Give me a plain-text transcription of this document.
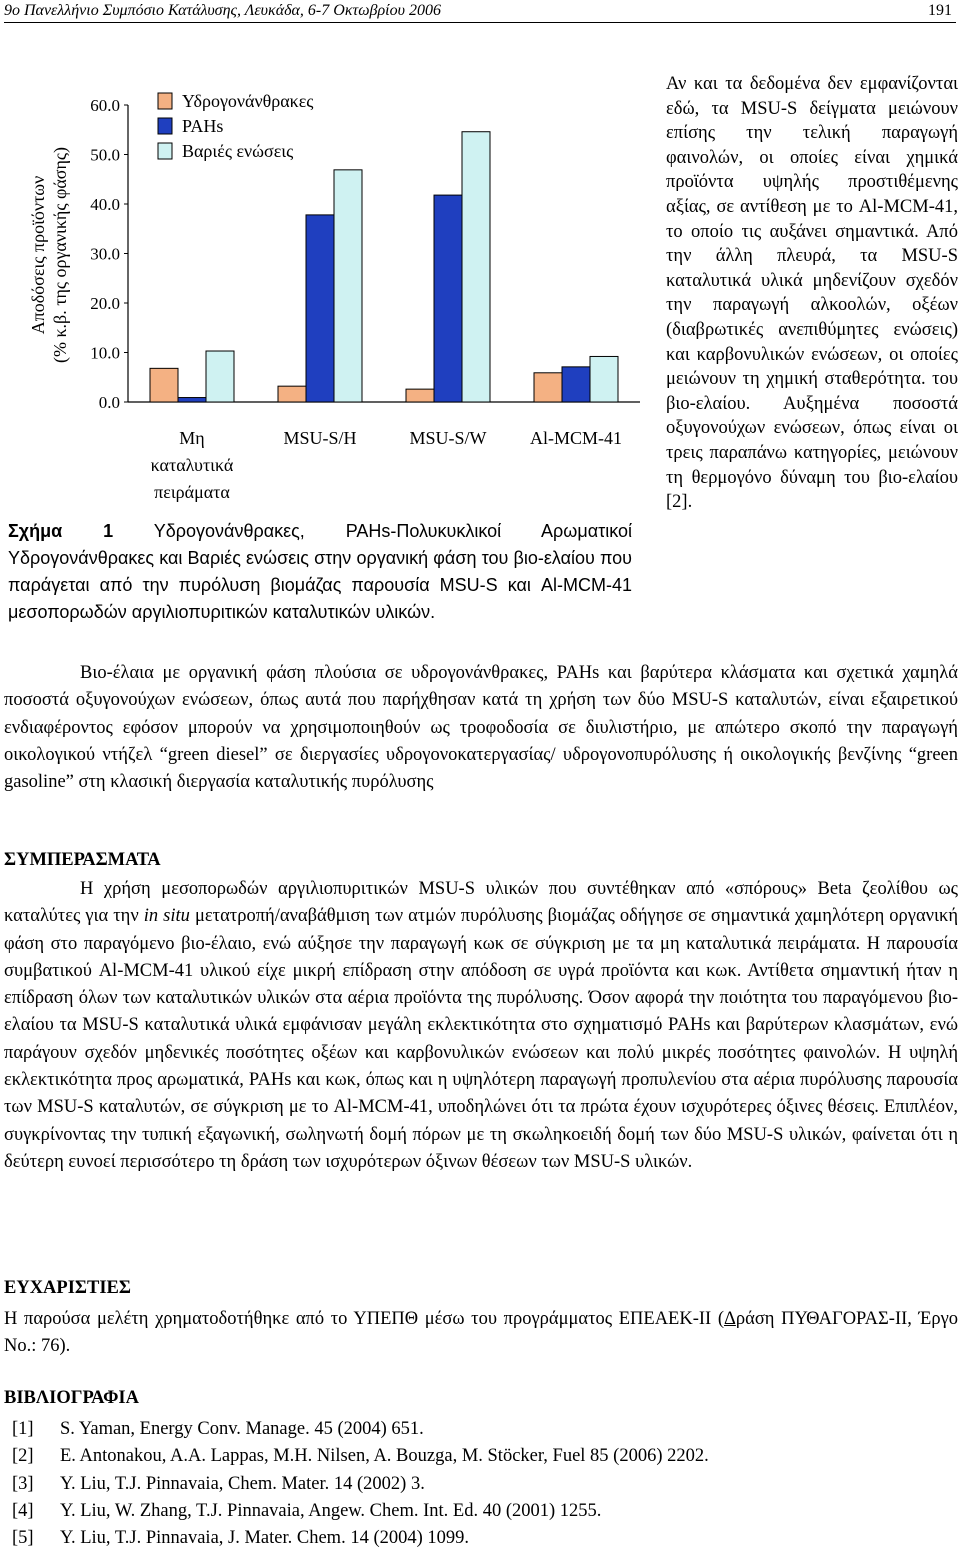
9ο Πανελλήνιο Συμπόσιο Κατάλυσης, Λευκάδα, 6-7 Οκτωβρίου 2006	191
Αποδόσεις προϊόντων (% κ.β. της οργανικής φάσης)
0.0
10.0
20.0
30.0
40.0
50.0
60.0
Μη
καταλυτικά
πειράματα
MSU-S/H	MSU-S/W Al-MCM-41
Υδρογονάνθρακες
PAHs
Βαριές ενώσεις
Σχήμα 1 Υδρογονάνθρακες, PAHs-Πολυκυκλικοί Αρωματικοί Υδρογονάνθρακες και Βαριές ενώσεις στην οργανική φάση του βιο-ελαίου που παράγεται από την πυρόλυση βιομάζας παρουσία MSU-S και Al-MCM-41 μεσοπορωδών αργιλιοπυριτικών καταλυτικών υλικών.
Αν και τα δεδομένα δεν εμφανίζονται εδώ, τα MSU-S δείγματα μειώνουν επίσης την τελική παραγωγή φαινολών, οι οποίες είναι χημικά προϊόντα υψηλής προστιθέμενης αξίας, σε αντίθεση με το Al-MCM-41, το οποίο τις αυξάνει σημαντικά. Από την άλλη πλευρά, τα MSU-S καταλυτικά υλικά μηδενίζουν σχεδόν την παραγωγή αλκοολών, οξέων (διαβρωτικές ανεπιθύμητες ενώσεις) και καρβονυλικών ενώσεων, οι οποίες μειώνουν τη χημική σταθερότητα. του βιο-ελαίου. Αυξημένα ποσοστά οξυγονούχων ενώσεων, όπως είναι οι τρεις παραπάνω κατηγορίες, μειώνουν τη θερμογόνο δύναμη του βιο-ελαίου [2].
Βιο-έλαια με οργανική φάση πλούσια σε υδρογονάνθρακες, PAHs και βαρύτερα κλάσματα και σχετικά χαμηλά ποσοστά οξυγονούχων ενώσεων, όπως αυτά που παρήχθησαν κατά τη χρήση των δύο MSU-S καταλυτών, είναι εξαιρετικού ενδιαφέροντος εφόσον μπορούν να χρησιμοποιηθούν ως τροφοδοσία σε διυλιστήριο, με απώτερο σκοπό την παραγωγή οικολογικού ντήζελ “green diesel” σε διεργασίες υδρογονοκατεργασίας/ υδρογονοπυρόλυσης ή οικολογικής βενζίνης “green gasoline” στη κλασική διεργασία καταλυτικής πυρόλυσης
ΣΥΜΠΕΡΑΣΜΑΤΑ
Η χρήση μεσοπορωδών αργιλιοπυριτικών MSU-S υλικών που συντέθηκαν από «σπόρους» Beta ζεολίθου ως καταλύτες για την in situ μετατροπή/αναβάθμιση των ατμών πυρόλυσης βιομάζας οδήγησε σε σημαντικά χαμηλότερη οργανική φάση στο παραγόμενο βιο-έλαιο, ενώ αύξησε την παραγωγή κωκ σε σύγκριση με τα μη καταλυτικά πειράματα. Η παρουσία συμβατικού Al-MCM-41 υλικού είχε μικρή επίδραση στην απόδοση σε υγρά προϊόντα και κωκ. Αντίθετα σημαντική ήταν η επίδραση όλων των καταλυτικών υλικών στα αέρια προϊόντα της πυρόλυσης. Όσον αφορά την ποιότητα του παραγόμενου βιο-ελαίου τα MSU-S καταλυτικά υλικά εμφάνισαν μεγάλη εκλεκτικότητα στο σχηματισμό PAHs και βαρύτερων κλασμάτων, ενώ παράγουν σχεδόν μηδενικές ποσότητες οξέων και καρβονυλικών ενώσεων και πολύ μικρές ποσότητες φαινολών. Η υψηλή εκλεκτικότητα προς αρωματικά, PAHs και κωκ, όπως και η υψηλότερη παραγωγή προπυλενίου στα αέρια πυρόλυσης παρουσία των MSU-S καταλυτών, σε σύγκριση με το Al-MCM-41, υποδηλώνει ότι τα πρώτα έχουν ισχυρότερες όξινες θέσεις. Επιπλέον, συγκρίνοντας την τυπική εξαγωνική, σωληνωτή δομή πόρων με τη σκωληκοειδή δομή των δύο MSU-S υλικών, φαίνεται ότι η δεύτερη ευνοεί περισσότερο τη δράση των ισχυρότερων όξινων θέσεων των MSU-S υλικών.
ΕΥΧΑΡΙΣΤΙΕΣ
Η παρούσα μελέτη χρηματοδοτήθηκε από το ΥΠΕΠΘ μέσω του προγράμματος ΕΠΕΑΕΚ-ΙΙ (Δράση ΠΥΘΑΓΟΡΑΣ-ΙΙ, Έργο No.: 76).
ΒΙΒΛΙΟΓΡΑΦΙΑ
[1]	S. Yaman, Energy Conv. Manage. 45 (2004) 651.
[2]	E. Antonakou, A.A. Lappas, M.H. Nilsen, A. Bouzga, M. Stöcker, Fuel 85 (2006) 2202.
[3]	Y. Liu, T.J. Pinnavaia, Chem. Mater. 14 (2002) 3.
[4]	Y. Liu, W. Zhang, T.J. Pinnavaia, Angew. Chem. Int. Ed. 40 (2001) 1255.
[5]	Y. Liu, T.J. Pinnavaia, J. Mater. Chem. 14 (2004) 1099.
